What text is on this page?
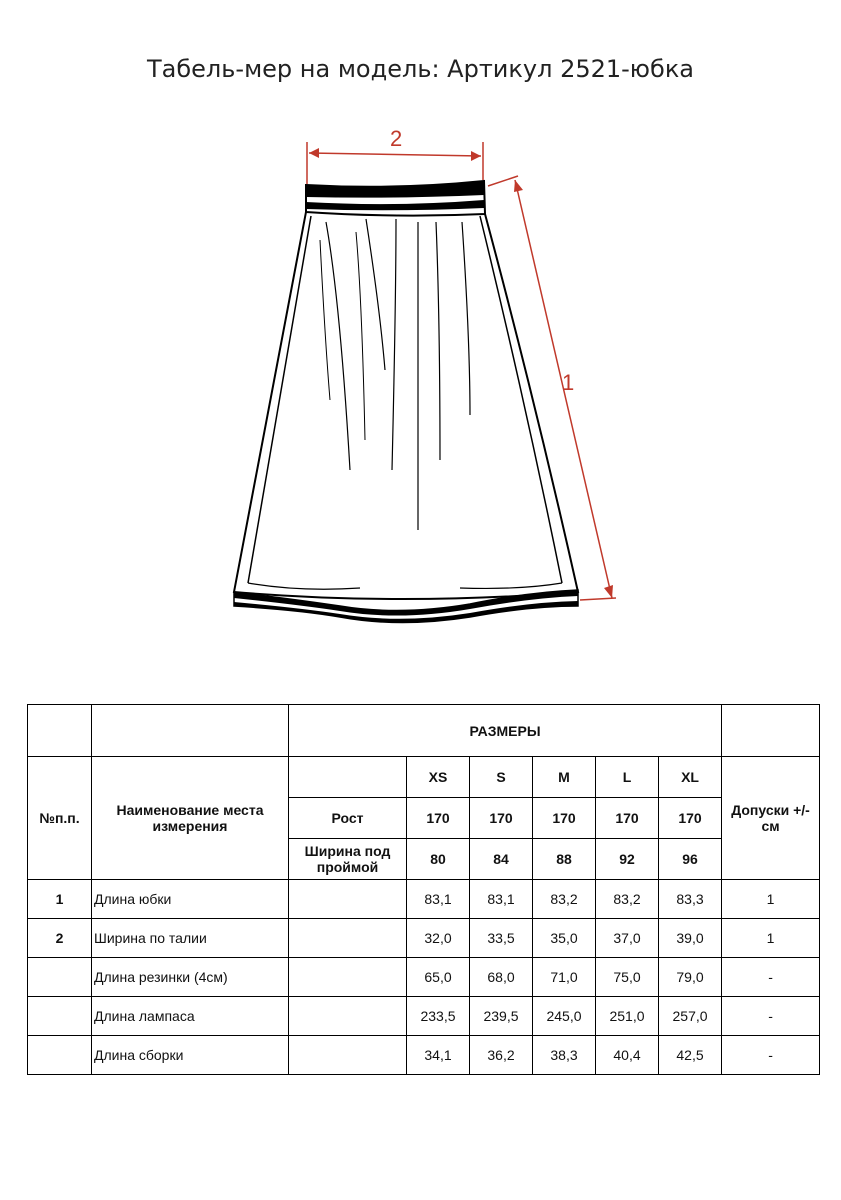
Табель-мер на модель: Артикул 2521-юбка
2
1
		РАЗМЕРЫ						
№п.п.	Наименование места измерения		XS	S	M	L	XL	Допуски +/- см
		Рост	170	170	170	170	170	
		Ширина под проймой	80	84	88	92	96	
1	Длина юбки		83,1	83,1	83,2	83,2	83,3	1
2	Ширина по талии		32,0	33,5	35,0	37,0	39,0	1
	Длина резинки (4см)		65,0	68,0	71,0	75,0	79,0	-
	Длина лампаса		233,5	239,5	245,0	251,0	257,0	-
	Длина сборки		34,1	36,2	38,3	40,4	42,5	-
